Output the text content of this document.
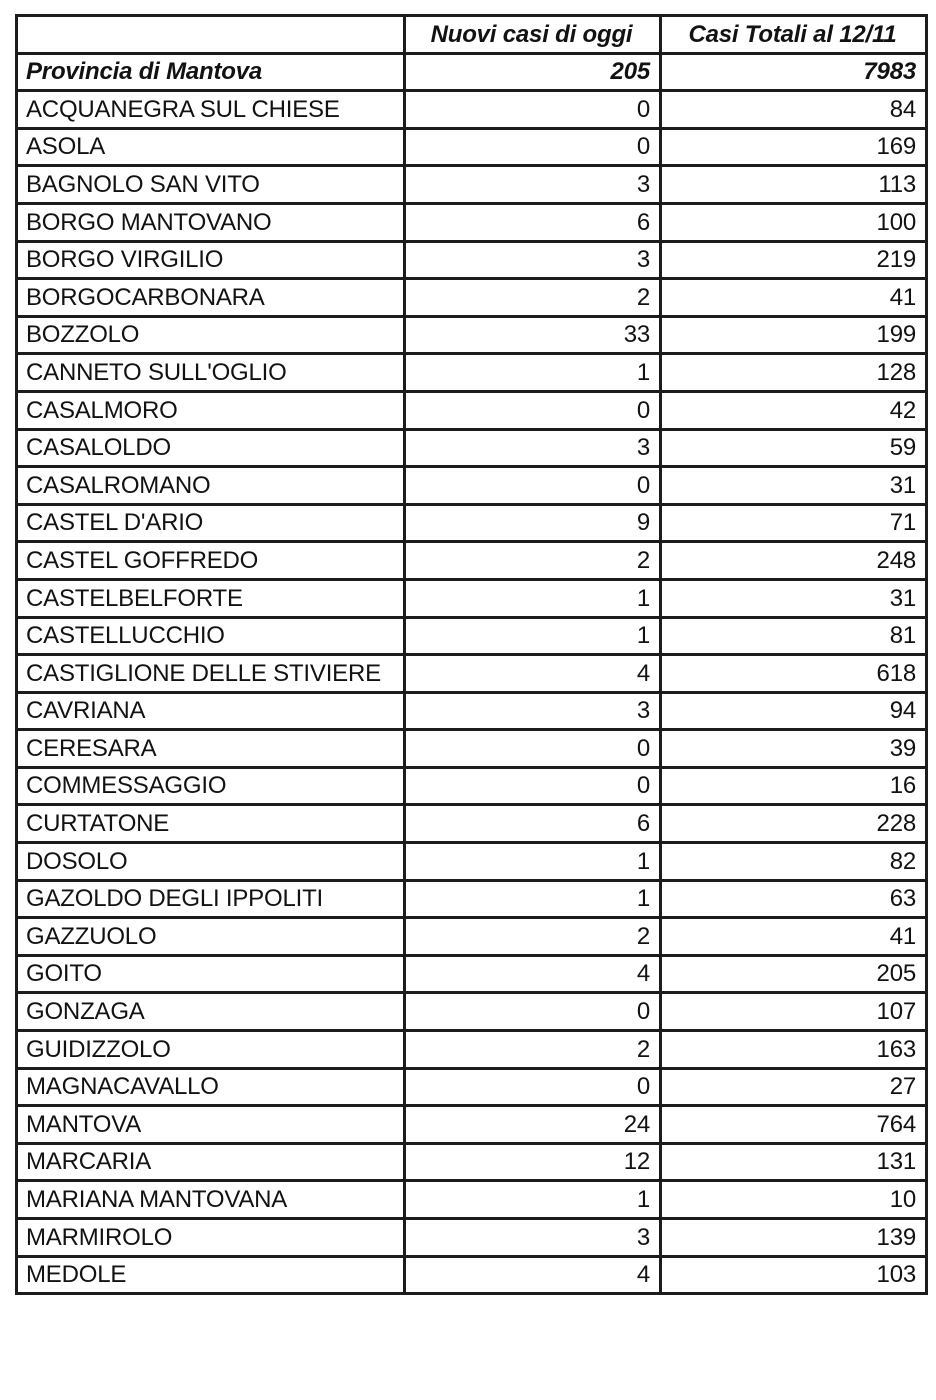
	Nuovi casi di oggi	Casi Totali al 12/11
Provincia di Mantova	205	7983
ACQUANEGRA SUL CHIESE	0	84
ASOLA	0	169
BAGNOLO SAN VITO	3	113
BORGO MANTOVANO	6	100
BORGO VIRGILIO	3	219
BORGOCARBONARA	2	41
BOZZOLO	33	199
CANNETO SULL'OGLIO	1	128
CASALMORO	0	42
CASALOLDO	3	59
CASALROMANO	0	31
CASTEL D'ARIO	9	71
CASTEL GOFFREDO	2	248
CASTELBELFORTE	1	31
CASTELLUCCHIO	1	81
CASTIGLIONE DELLE STIVIERE	4	618
CAVRIANA	3	94
CERESARA	0	39
COMMESSAGGIO	0	16
CURTATONE	6	228
DOSOLO	1	82
GAZOLDO DEGLI IPPOLITI	1	63
GAZZUOLO	2	41
GOITO	4	205
GONZAGA	0	107
GUIDIZZOLO	2	163
MAGNACAVALLO	0	27
MANTOVA	24	764
MARCARIA	12	131
MARIANA MANTOVANA	1	10
MARMIROLO	3	139
MEDOLE	4	103
